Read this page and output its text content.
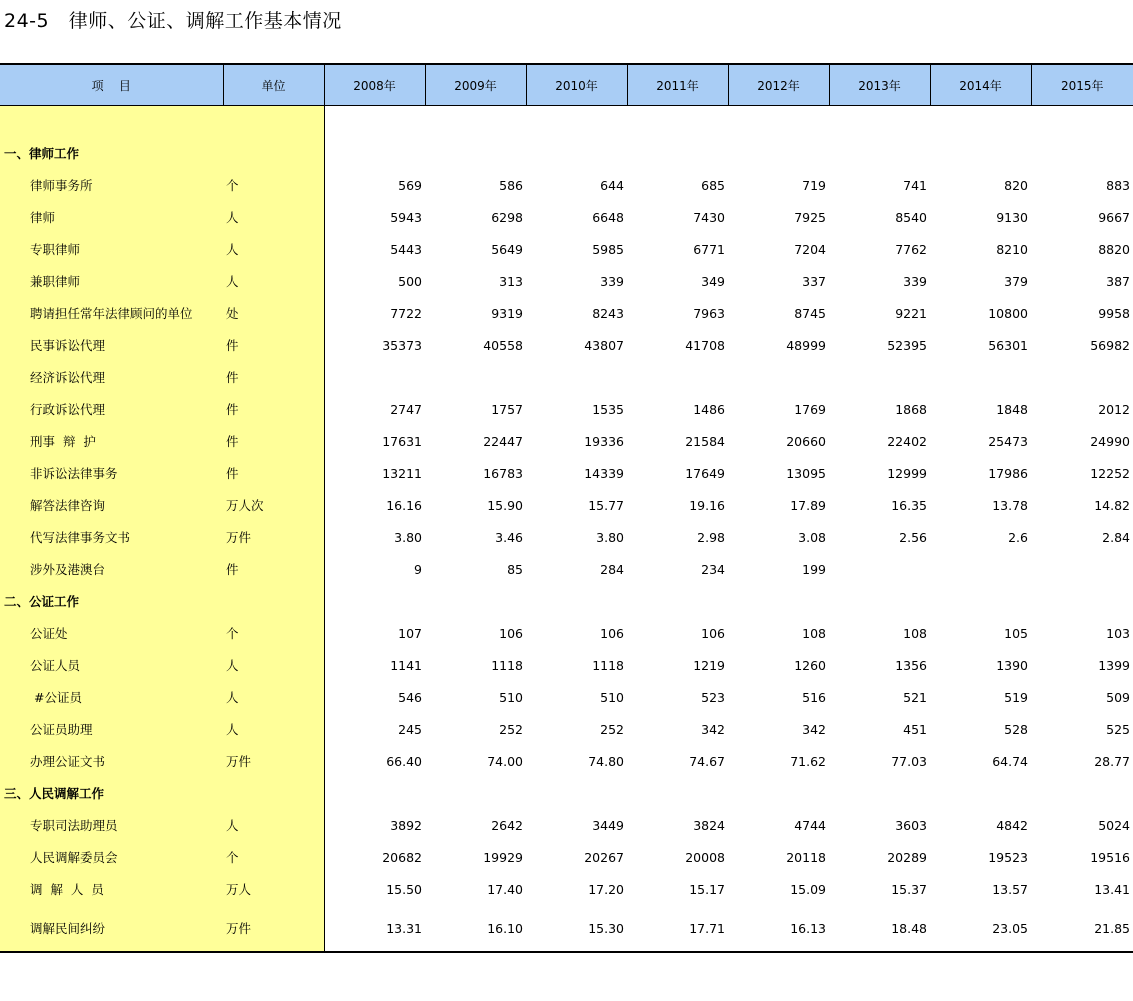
24-5   律师、公证、调解工作基本情况
项    目	单位	2008年	2009年	2010年	2011年	2012年	2013年	2014年	2015年

一、律师工作									
律师事务所	个	569	586	644	685	719	741	820	883
律师	人	5943	6298	6648	7430	7925	8540	9130	9667
专职律师	人	5443	5649	5985	6771	7204	7762	8210	8820
兼职律师	人	500	313	339	349	337	339	379	387
聘请担任常年法律顾问的单位	处	7722	9319	8243	7963	8745	9221	10800	9958
民事诉讼代理	件	35373	40558	43807	41708	48999	52395	56301	56982
经济诉讼代理	件								
行政诉讼代理	件	2747	1757	1535	1486	1769	1868	1848	2012
刑事  辩  护	件	17631	22447	19336	21584	20660	22402	25473	24990
非诉讼法律事务	件	13211	16783	14339	17649	13095	12999	17986	12252
解答法律咨询	万人次	16.16	15.90	15.77	19.16	17.89	16.35	13.78	14.82
代写法律事务文书	万件	3.80	3.46	3.80	2.98	3.08	2.56	2.6	2.84
涉外及港澳台	件	9	85	284	234	199			
二、公证工作									
公证处	个	107	106	106	106	108	108	105	103
公证人员	人	1141	1118	1118	1219	1260	1356	1390	1399
#公证员	人	546	510	510	523	516	521	519	509
公证员助理	人	245	252	252	342	342	451	528	525
办理公证文书	万件	66.40	74.00	74.80	74.67	71.62	77.03	64.74	28.77
三、人民调解工作									
专职司法助理员	人	3892	2642	3449	3824	4744	3603	4842	5024
人民调解委员会	个	20682	19929	20267	20008	20118	20289	19523	19516
调  解  人  员	万人	15.50	17.40	17.20	15.17	15.09	15.37	13.57	13.41
调解民间纠纷	万件	13.31	16.10	15.30	17.71	16.13	18.48	23.05	21.85
